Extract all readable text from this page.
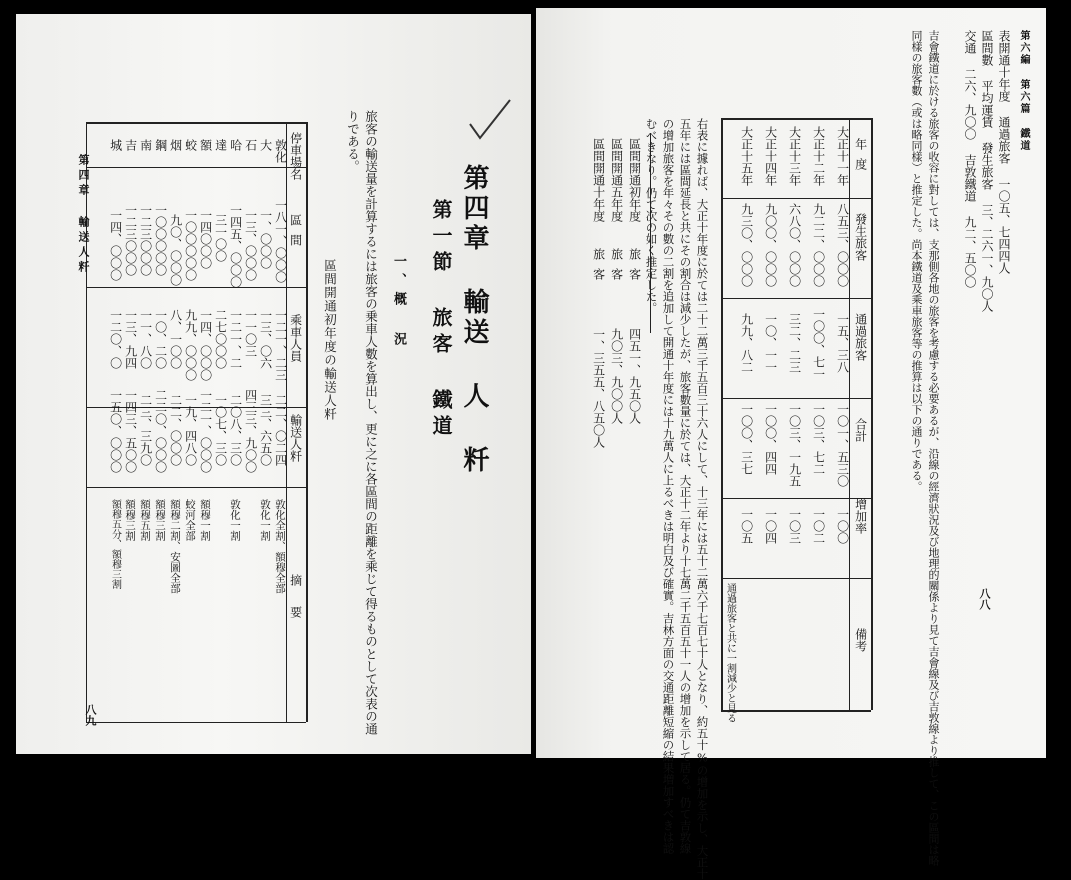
第四章 輸送 人 粁
第一節 旅客 鐵道
一、概 況
旅客の輸送量を計算するには旅客の乗車人數を算出し、更に之に各區間の距離を乘じて得るものとして次表の通
りである。
區間開通初年度の輸送人粁
停車場名
區間
乘車人員
輸送人粁
摘要
敦化
一八一、〇〇〇
一二一、二三
二二、〇二四
敦化全割、額穆全部
大
一、〇〇〇
一三、〇六
三三、六五〇
敦化一割
石
一三、〇〇〇
一一〇三
四三三、九〇〇
哈
一四五、〇〇〇
一二一、二
二〇八、三〇
敦化一割
達
三一〇〇
二七〇〇〇
一〇七、三〇
額
一四〇〇〇
一四、〇〇〇
一二一、〇〇〇
額穆一割
蛟
一〇〇〇〇〇
九九、〇〇〇
一九、四八〇
蛟河全部
烟
九〇、〇〇〇
八、一〇〇
二二、〇〇〇
額穆二割、安圖全部
鋼
一〇〇〇〇〇
一〇、二〇
二二〇、〇〇〇
額穆三割
南
一二三〇〇〇
一一、八〇
二三、三九〇
額穆五割
吉
一二三〇〇〇
一三、九四
一四三、五〇〇
額穆三割
城
一四、〇〇〇
一二〇、〇
一五〇、〇〇〇
額穆五分、額穆三割
第四章 輸送人粁
八九
第六編 第六篇 鐵道
八八
表開通十年度 通過旅客 一〇五、七四四人
區間數 平均運賃 發生旅客 三、二六一、九〇人
交通 二六、九〇〇 吉敦鐵道 九二、五〇〇
吉會鐵道に於ける旅客の收容に對しては、支那側各地の旅客を考慮する必要あるが、沿線の經濟狀況及び地理的關係より見て吉會線及び吉敦線より推して、この區間は略
同樣の旅客數（或は略同樣）と推定した。尚本鐵道及乘車旅客等の推算は以下の通りである。
年度
發生旅客
通過旅客
合計
增加率
備考
大正十一年
八五三、〇〇〇
一五、三八
一〇一、五三〇
一〇〇
大正十二年
九二二、〇〇〇
一〇〇、七一
一〇三、七二
一〇二
大正十三年
六八〇、〇〇〇
三二、二三
一〇三、一九五
一〇三
大正十四年
九〇〇、〇〇〇
一〇、一一
一〇〇、四四
一〇四
大正十五年
九三〇、〇〇〇
九九、八二
一〇〇、三七
一〇五
通過旅客と共に一割減少と見る
右表に據れば、大正十年度に於ては二十二萬三千五百三十六人にして、十三年には五十二萬六千七百七十人となり、約五十%の增加を示し、大正十
五年には區間延長と共にその割合は減少したが、旅客數量に於ては、大正十二年より十七萬二千五百五十一人の增加を示して居る。仍て吉敦線
の增加旅客を年々その數の二割を追加して開通十年度には十九萬人に上るべきは明白及び確實。吉林方面の交通距離短縮の結果増加すべきは認
むべきなり。仍て次の如く推定した。
區間開通初年度
旅客
四五一、九五〇人
區間開通五年度
旅客
九〇三、九〇〇人
區間開通十年度
旅客
一、三五五、八五〇人
